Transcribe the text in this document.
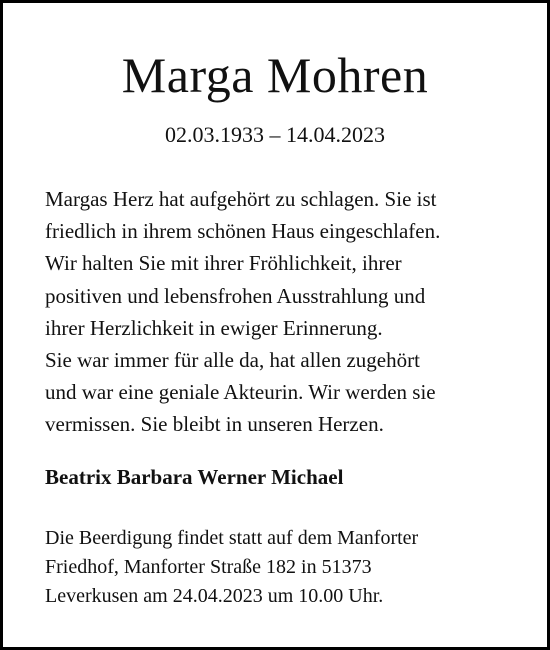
Marga Mohren
02.03.1933 – 14.04.2023
Margas Herz hat aufgehört zu schlagen. Sie ist
friedlich in ihrem schönen Haus eingeschlafen.
Wir halten Sie mit ihrer Fröhlichkeit, ihrer
positiven und lebensfrohen Ausstrahlung und
ihrer Herzlichkeit in ewiger Erinnerung.
Sie war immer für alle da, hat allen zugehört
und war eine geniale Akteurin. Wir werden sie
vermissen. Sie bleibt in unseren Herzen.
Beatrix Barbara Werner Michael
Die Beerdigung findet statt auf dem Manforter
Friedhof, Manforter Straße 182 in 51373
Leverkusen am 24.04.2023 um 10.00 Uhr.
